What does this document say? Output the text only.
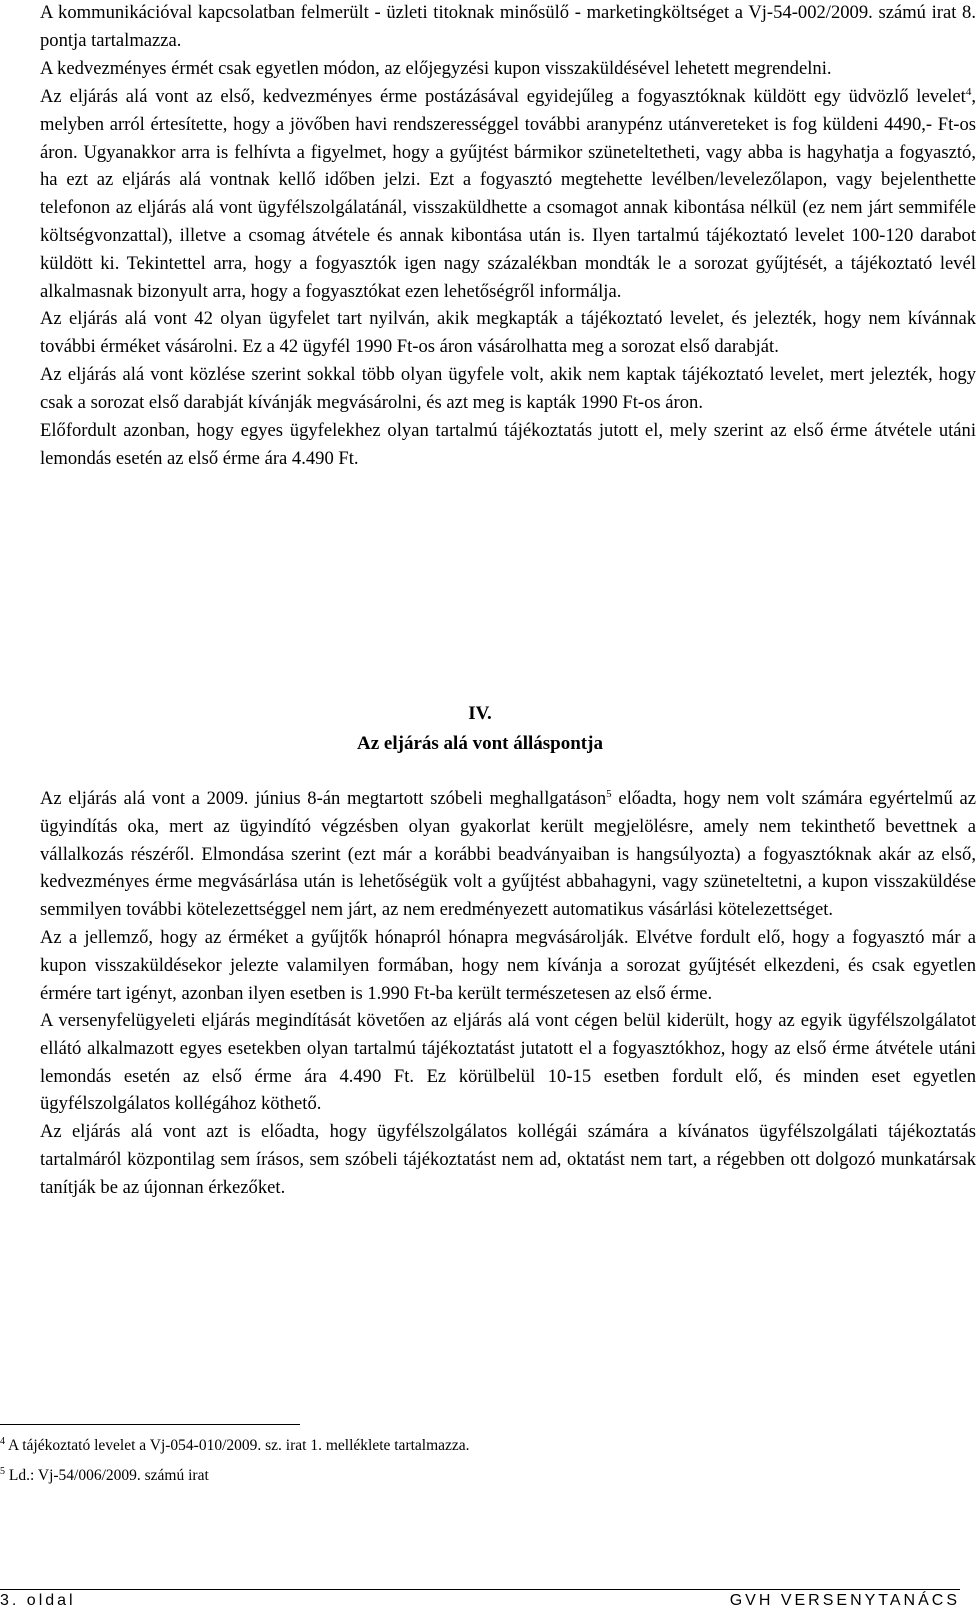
A kommunikációval kapcsolatban felmerült - üzleti titoknak minősülő - marketingköltséget a Vj-54-002/2009. számú irat 8. pontja tartalmazza.

A kedvezményes érmét csak egyetlen módon, az előjegyzési kupon visszaküldésével lehetett megrendelni.

Az eljárás alá vont az első, kedvezményes érme postázásával egyidejűleg a fogyasztóknak küldött egy üdvözlő levelet$^4$, melyben arról értesítette, hogy a jövőben havi rendszerességgel további aranypénz utánvereteket is fog küldeni 4490,- Ft-os áron. Ugyanakkor arra is felhívta a figyelmet, hogy a gyűjtést bármikor szüneteltetheti, vagy abba is hagyhatja a fogyasztó, ha ezt az eljárás alá vontnak kellő időben jelzi. Ezt a fogyasztó megtehette levélben/levelezőlapon, vagy bejelenthette telefonon az eljárás alá vont ügyfélszolgálatánál, visszaküldhette a csomagot annak kibontása nélkül (ez nem járt semmiféle költségvonzattal), illetve a csomag átvétele és annak kibontása után is. Ilyen tartalmú tájékoztató levelet 100-120 darabot küldött ki. Tekintettel arra, hogy a fogyasztók igen nagy százalékban mondták le a sorozat gyűjtését, a tájékoztató levél alkalmasnak bizonyult arra, hogy a fogyasztókat ezen lehetőségről informálja.

Az eljárás alá vont 42 olyan ügyfelet tart nyilván, akik megkapták a tájékoztató levelet, és jelezték, hogy nem kívánnak további érméket vásárolni. Ez a 42 ügyfél 1990 Ft-os áron vásárolhatta meg a sorozat első darabját.

Az eljárás alá vont közlése szerint sokkal több olyan ügyfele volt, akik nem kaptak tájékoztató levelet, mert jelezték, hogy csak a sorozat első darabját kívánják megvásárolni, és azt meg is kapták 1990 Ft-os áron.

Előfordult azonban, hogy egyes ügyfelekhez olyan tartalmú tájékoztatás jutott el, mely szerint az első érme átvétele utáni lemondás esetén az első érme ára 4.490 Ft.

IV.
Az eljárás alá vont álláspontja

Az eljárás alá vont a 2009. június 8-án megtartott szóbeli meghallgatáson$^5$ előadta, hogy nem volt számára egyértelmű az ügyindítás oka, mert az ügyindító végzésben olyan gyakorlat került megjelölésre, amely nem tekinthető bevettnek a vállalkozás részéről. Elmondása szerint (ezt már a korábbi beadványaiban is hangsúlyozta) a fogyasztóknak akár az első, kedvezményes érme megvásárlása után is lehetőségük volt a gyűjtést abbahagyni, vagy szüneteltetni, a kupon visszaküldése semmilyen további kötelezettséggel nem járt, az nem eredményezett automatikus vásárlási kötelezettséget.

Az a jellemző, hogy az érméket a gyűjtők hónapról hónapra megvásárolják. Elvétve fordult elő, hogy a fogyasztó már a kupon visszaküldésekor jelezte valamilyen formában, hogy nem kívánja a sorozat gyűjtését elkezdeni, és csak egyetlen érmére tart igényt, azonban ilyen esetben is 1.990 Ft-ba került természetesen az első érme.

A versenyfelügyeleti eljárás megindítását követően az eljárás alá vont cégen belül kiderült, hogy az egyik ügyfélszolgálatot ellátó alkalmazott egyes esetekben olyan tartalmú tájékoztatást jutatott el a fogyasztókhoz, hogy az első érme átvétele utáni lemondás esetén az első érme ára 4.490 Ft. Ez körülbelül 10-15 esetben fordult elő, és minden eset egyetlen ügyfélszolgálatos kollégához köthető.

Az eljárás alá vont azt is előadta, hogy ügyfélszolgálatos kollégái számára a kívánatos ügyfélszolgálati tájékoztatás tartalmáról központilag sem írásos, sem szóbeli tájékoztatást nem ad, oktatást nem tart, a régebben ott dolgozó munkatársak tanítják be az újonnan érkezőket.

$^4$ A tájékoztató levelet a Vj-054-010/2009. sz. irat 1. melléklete tartalmazza.
$^5$ Ld.: Vj-54/006/2009. számú irat
3. oldal	GVH VERSENYTANÁCS
